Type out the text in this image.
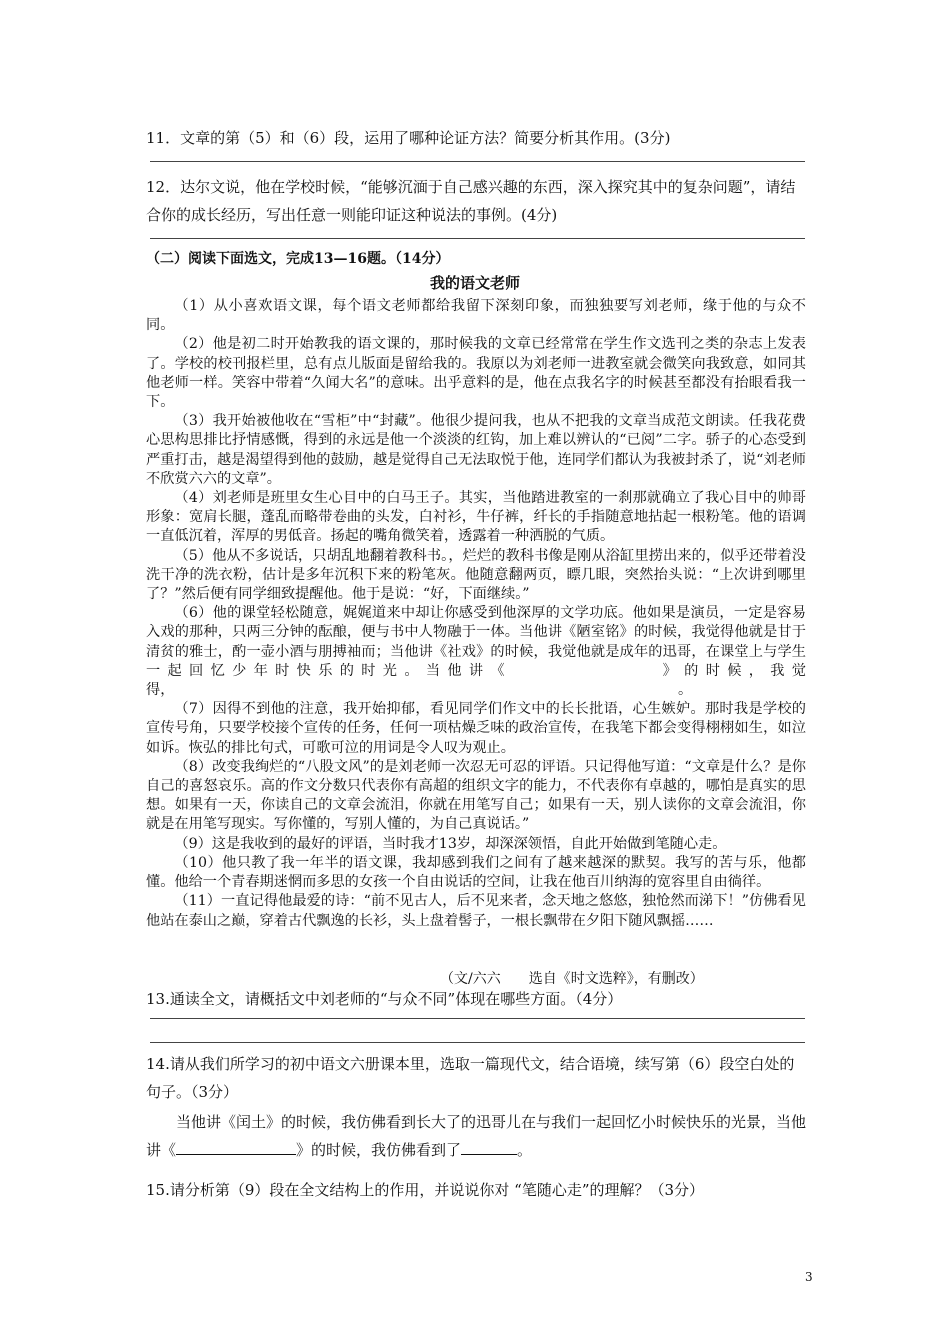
11．文章的第（5）和（6）段，运用了哪种论证方法？简要分析其作用。(3分)

12．达尔文说，他在学校时候，“能够沉湎于自己感兴趣的东西，深入探究其中的复杂问题”，请结合你的成长经历，写出任意一则能印证这种说法的事例。(4分)

（二）阅读下面选文，完成13—16题。（14分）
我的语文老师

（1）从小喜欢语文课，每个语文老师都给我留下深刻印象，而独独要写刘老师，缘于他的与众不同。

（2）他是初二时开始教我的语文课的，那时候我的文章已经常常在学生作文选刊之类的杂志上发表了。学校的校刊报栏里，总有点儿版面是留给我的。我原以为刘老师一进教室就会微笑向我致意，如同其他老师一样。笑容中带着“久闻大名”的意味。出乎意料的是，他在点我名字的时候甚至都没有抬眼看我一下。

（3）我开始被他收在“雪柜”中“封藏”。他很少提问我，也从不把我的文章当成范文朗读。任我花费心思构思排比抒情感慨，得到的永远是他一个淡淡的红钩，加上难以辨认的“已阅”二字。骄子的心态受到严重打击，越是渴望得到他的鼓励，越是觉得自己无法取悦于他，连同学们都认为我被封杀了，说“刘老师不欣赏六六的文章”。

（4）刘老师是班里女生心目中的白马王子。其实，当他踏进教室的一刹那就确立了我心目中的帅哥形象：宽肩长腿，蓬乱而略带卷曲的头发，白衬衫，牛仔裤，纤长的手指随意地拈起一根粉笔。他的语调一直低沉着，浑厚的男低音。扬起的嘴角微笑着，透露着一种洒脱的气质。

（5）他从不多说话，只胡乱地翻着教科书。，烂烂的教科书像是刚从浴缸里捞出来的，似乎还带着没洗干净的洗衣粉，估计是多年沉积下来的粉笔灰。他随意翻两页，瞟几眼，突然抬头说：“上次讲到哪里了？”然后便有同学细致提醒他。他于是说：“好，下面继续。”

（6）他的课堂轻松随意，娓娓道来中却让你感受到他深厚的文学功底。他如果是演员，一定是容易入戏的那种，只两三分钟的酝酿，便与书中人物融于一体。当他讲《陋室铭》的时候，我觉得他就是甘于清贫的雅士，酌一壶小酒与朋搏袖而；当他讲《社戏》的时候，我觉他就是成年的迅哥，在课堂上与学生一起回忆少年时快乐的时光。当他讲《　　　　　　　》的时候，我觉得，　　　　　　　　　　　　　　　　　　　　　　　　　　　　　　　　　　　　。

（7）因得不到他的注意，我开始抑郁，看见同学们作文中的长长批语，心生嫉妒。那时我是学校的宣传号角，只要学校接个宣传的任务，任何一项枯燥乏味的政治宣传，在我笔下都会变得栩栩如生，如泣如诉。恢弘的排比句式，可歌可泣的用词是令人叹为观止。

（8）改变我绚烂的“八股文风”的是刘老师一次忍无可忍的评语。只记得他写道：“文章是什么？是你自己的喜怒哀乐。高的作文分数只代表你有高超的组织文字的能力，不代表你有卓越的，哪怕是真实的思想。如果有一天，你读自己的文章会流泪，你就在用笔写自己；如果有一天，别人读你的文章会流泪，你就是在用笔写现实。写你懂的，写别人懂的，为自己真说话。”

（9）这是我收到的最好的评语，当时我才13岁，却深深领悟，自此开始做到笔随心走。

（10）他只教了我一年半的语文课，我却感到我们之间有了越来越深的默契。我写的苦与乐，他都懂。他给一个青春期迷惘而多思的女孩一个自由说话的空间，让我在他百川纳海的宽容里自由徜徉。

（11）一直记得他最爱的诗：“前不见古人，后不见来者，念天地之悠悠，独怆然而涕下！”仿佛看见他站在泰山之巅，穿着古代飘逸的长衫，头上盘着髻子，一根长飘带在夕阳下随风飘摇……

（文/六六　　选自《时文选粹》，有删改）

13.通读全文，请概括文中刘老师的“与众不同”体现在哪些方面。（4分）

14.请从我们所学习的初中语文六册课本里，选取一篇现代文，结合语境，续写第（6）段空白处的句子。（3分）

当他讲《闰土》的时候，我仿佛看到长大了的迅哥儿在与我们一起回忆小时候快乐的光景，当他讲《	》的时候，我仿佛看到了	。

15.请分析第（9）段在全文结构上的作用，并说说你对 “笔随心走”的理解？（3分）

3
